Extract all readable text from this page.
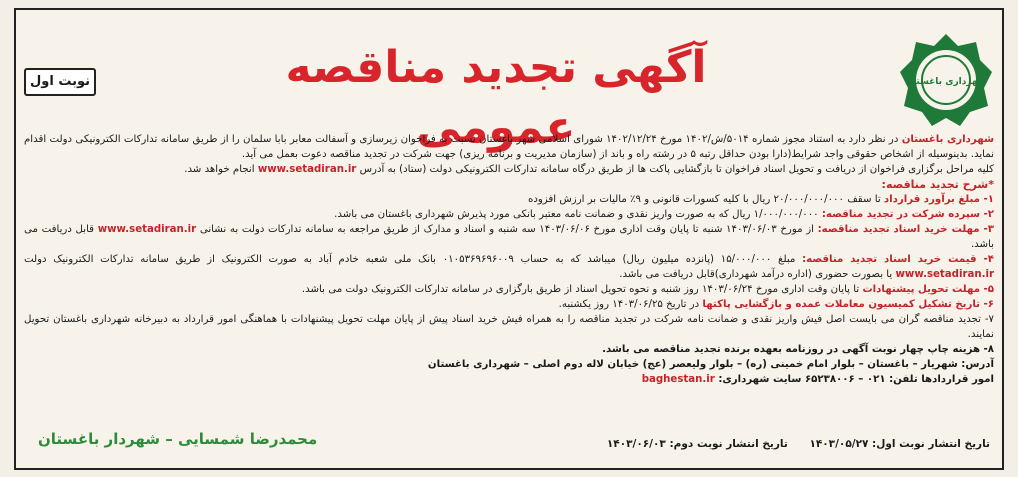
شهرداری باغستان
آگهی تجدید مناقصه عمومی
نوبت اول

شهرداری باغستان در نظر دارد به استناد مجوز شماره ۵۰۱۴/ش/۱۴۰۲ مورخ ۱۴۰۲/۱۲/۲۴ شورای اسلامی شهر باغستان نسبت به فراخوان زیرسازی و آسفالت معابر بابا سلمان را از طریق سامانه تدارکات الکترونیکی دولت اقدام نماید. بدینوسیله از اشخاص حقوقی واجد شرایط(دارا بودن حداقل رتبه ۵ در رشته راه و باند از (سازمان مدیریت و برنامه ریزی) جهت شرکت در تجدید مناقصه دعوت بعمل می آید.

کلیه مراحل برگزاری فراخوان از دریافت و تحویل اسناد فراخوان تا بازگشایی پاکت ها از طریق درگاه سامانه تدارکات الکترونیکی دولت (ستاد) به آدرس www.setadiran.ir انجام خواهد شد.

*شرح تجدید مناقصه:

۱- مبلغ برآورد قرارداد تا سقف ۲۰/۰۰۰/۰۰۰/۰۰۰ ریال با کلیه کسورات قانونی و ۹٪ مالیات بر ارزش افزوده

۲- سپرده شرکت در تجدید مناقصه: ۱/۰۰۰/۰۰۰/۰۰۰ ریال که به صورت واریز نقدی و ضمانت نامه معتبر بانکی مورد پذیرش شهرداری باغستان می باشد.

۳- مهلت خرید اسناد تجدید مناقصه: از مورخ ۱۴۰۳/۰۶/۰۳ شنبه تا پایان وقت اداری مورخ ۱۴۰۳/۰۶/۰۶ سه شنبه و اسناد و مدارک از طریق مراجعه به سامانه تدارکات دولت به نشانی www.setadiran.ir قابل دریافت می باشد.

۴- قیمت خرید اسناد تجدید مناقصه: مبلغ ۱۵/۰۰۰/۰۰۰ (پانزده میلیون ریال) میباشد که به حساب ۰۱۰۵۳۶۹۶۹۶۰۰۹ بانک ملی شعبه خادم آباد به صورت الکترونیک از طریق سامانه تدارکات الکترونیک دولت www.setadiran.ir یا بصورت حضوری (اداره درآمد شهرداری)قابل دریافت می باشد.

۵- مهلت تحویل پیشنهادات تا پایان وقت اداری مورخ ۱۴۰۳/۰۶/۲۴ روز شنبه و نحوه تحویل اسناد از طریق بارگزاری در سامانه تدارکات الکترونیک دولت می باشد.

۶- تاریخ تشکیل کمیسیون معاملات عمده و بازگشایی پاکتها در تاریخ ۱۴۰۳/۰۶/۲۵ روز یکشنبه.

۷- تجدید مناقصه گران می بایست اصل فیش واریز نقدی و ضمانت نامه شرکت در تجدید مناقصه را به همراه فیش خرید اسناد پیش از پایان مهلت تحویل پیشنهادات با هماهنگی امور قرارداد به دبیرخانه شهرداری باغستان تحویل نمایند.

۸- هزینه چاپ چهار نوبت آگهی در روزنامه بعهده برنده تجدید مناقصه می باشد.

آدرس: شهریار – باغستان – بلوار امام خمینی (ره) – بلوار ولیعصر (عج) خیابان لاله دوم اصلی – شهرداری باغستان

امور قراردادها تلفن: ۰۲۱ – ۶۵۲۳۸۰۰۶ سایت شهرداری: baghestan.ir

تاریخ انتشار نوبت اول: ۱۴۰۳/۰۵/۲۷ تاریخ انتشار نوبت دوم: ۱۴۰۳/۰۶/۰۳
محمدرضا شمسایی – شهردار باغستان
